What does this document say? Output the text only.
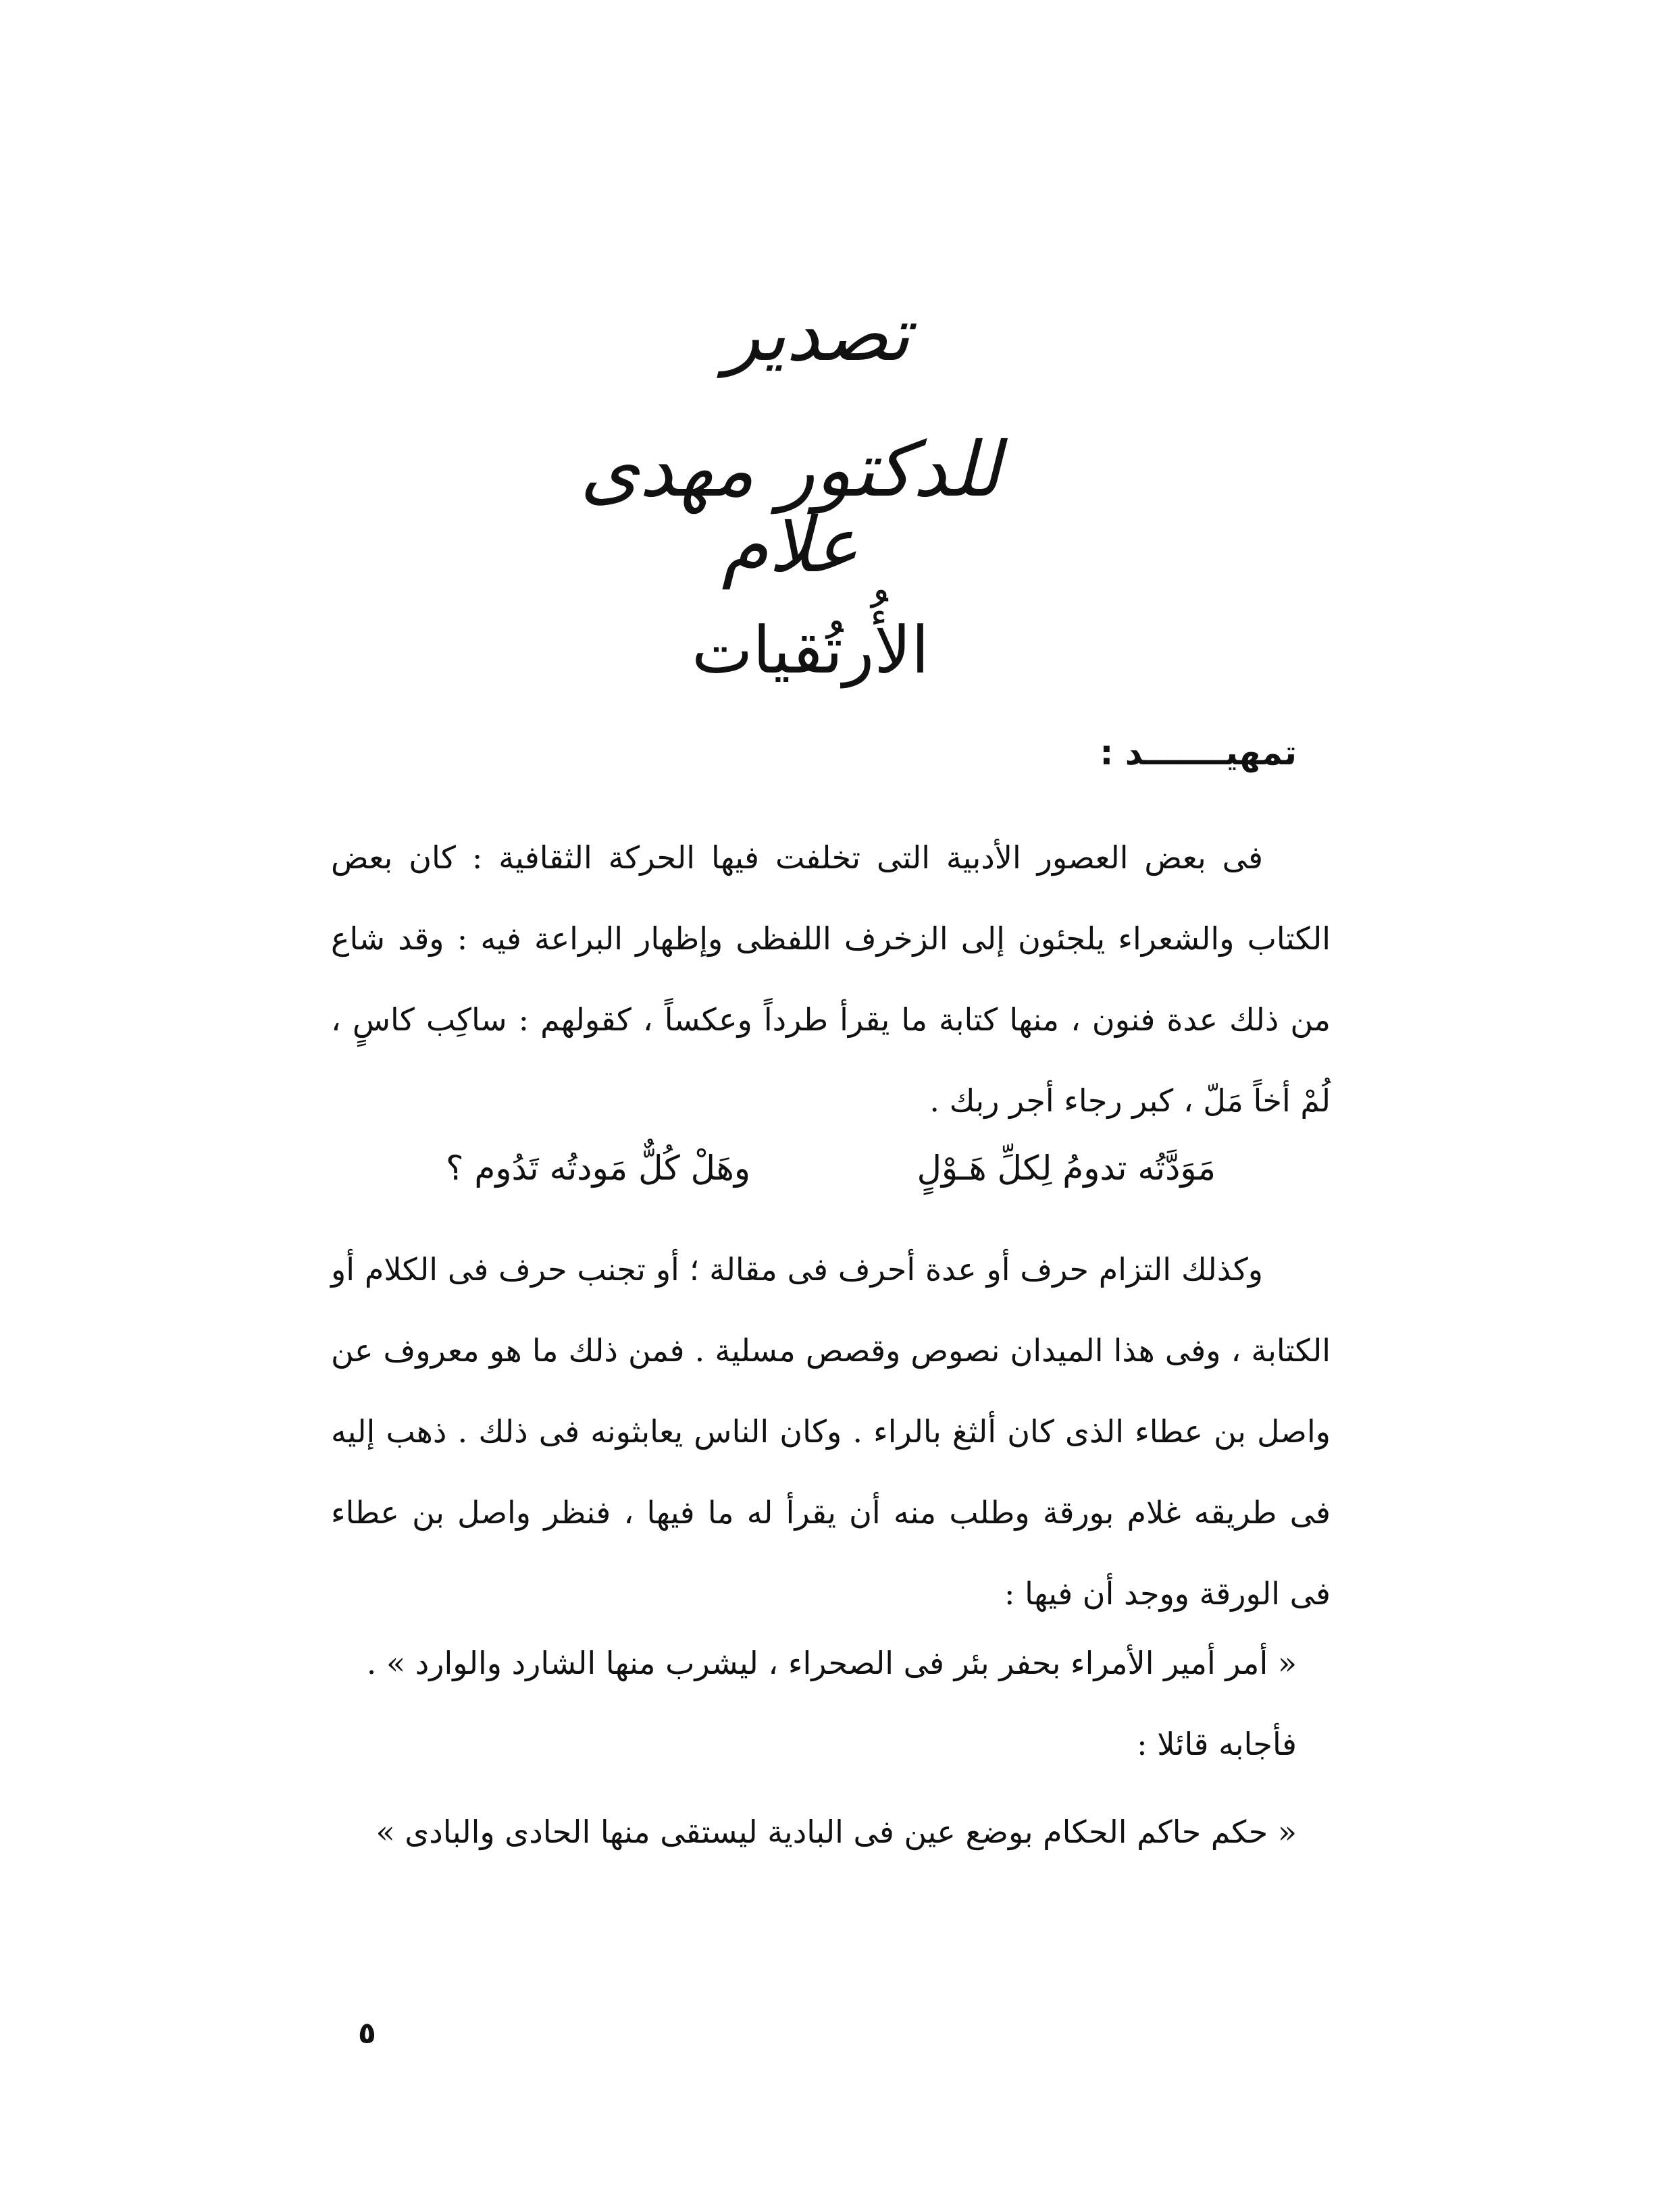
تصدير
للدكتور مهدى علام
الأُرتُقيات
تمهيـــــــد :
فى بعض العصور الأدبية التى تخلفت فيها الحركة الثقافية : كان بعض الكتاب والشعراء يلجئون إلى الزخرف اللفظى وإظهار البراعة فيه : وقد شاع من ذلك عدة فنون ، منها كتابة ما يقرأ طرداً وعكساً ، كقولهم : ساكِب كاسٍ ، لُمْ أخاً مَلّ ، كبر رجاء أجر ربك .
مَوَدَّتُه تدومُ لِكلِّ هَـوْلٍ
وهَلْ كُلٌّ مَودتُه تَدُوم ؟
وكذلك التزام حرف أو عدة أحرف فى مقالة ؛ أو تجنب حرف فى الكلام أو الكتابة ، وفى هذا الميدان نصوص وقصص مسلية . فمن ذلك ما هو معروف عن واصل بن عطاء الذى كان ألثغ بالراء . وكان الناس يعابثونه فى ذلك . ذهب إليه فى طريقه غلام بورقة وطلب منه أن يقرأ له ما فيها ، فنظر واصل بن عطاء فى الورقة ووجد أن فيها :
« أمر أمير الأمراء بحفر بئر فى الصحراء ، ليشرب منها الشارد والوارد » .
فأجابه قائلا :
« حكم حاكم الحكام بوضع عين فى البادية ليستقى منها الحادى والبادى »
٥
